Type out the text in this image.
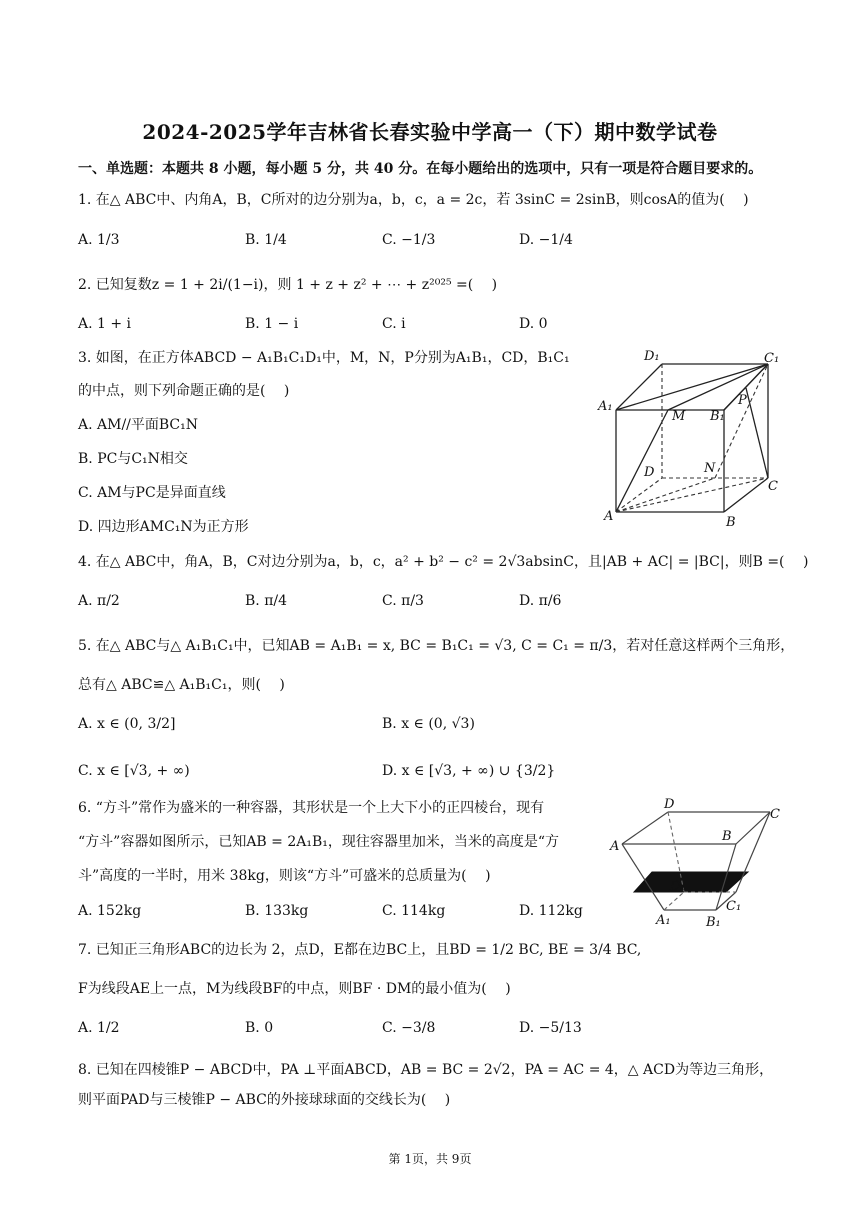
2024-2025学年吉林省长春实验中学高一（下）期中数学试卷
一、单选题：本题共 8 小题，每小题 5 分，共 40 分。在每小题给出的选项中，只有一项是符合题目要求的。
1. 在△ ABC中、内角A，B，C所对的边分别为a，b，c，a = 2c，若 3sinC = 2sinB，则cosA的值为(　 )
A. 1/3	B. 1/4	C. −1/3	D. −1/4
2. 已知复数z = 1 + 2i/(1−i)，则 1 + z + z² + ⋯ + z²⁰²⁵ =(　 )
A. 1 + i	B. 1 − i	C. i	D. 0
3. 如图，在正方体ABCD − A₁B₁C₁D₁中，M，N，P分别为A₁B₁，CD，B₁C₁
的中点，则下列命题正确的是(　 )
A. AM//平面BC₁N
B. PC与C₁N相交
C. AM与PC是异面直线
D. 四边形AMC₁N为正方形
D₁	C₁
A₁
M B₁
P
D	N
C
A	B
4. 在△ ABC中，角A，B，C对边分别为a，b，c，a² + b² − c² = 2√3absinC，且|AB + AC| = |BC|，则B =(　 )
A. π/2	B. π/4	C. π/3	D. π/6
5. 在△ ABC与△ A₁B₁C₁中，已知AB = A₁B₁ = x, BC = B₁C₁ = √3, C = C₁ = π/3，若对任意这样两个三角形，
总有△ ABC≌△ A₁B₁C₁，则(　 )
A. x ∈ (0, 3/2]	B. x ∈ (0, √3)
C. x ∈ [√3, + ∞)	D. x ∈ [√3, + ∞) ∪ {3/2}
6. “方斗”常作为盛米的一种容器，其形状是一个上大下小的正四棱台，现有
“方斗”容器如图所示，已知AB = 2A₁B₁，现往容器里加米，当米的高度是“方
斗”高度的一半时，用米 38kg，则该“方斗”可盛米的总质量为(　 )
A. 152kg	B. 133kg	C. 114kg	D. 112kg
D
C
A
B
D₁
C₁
A₁	B₁
7. 已知正三角形ABC的边长为 2，点D，E都在边BC上，且BD = 1/2 BC, BE = 3/4 BC,
F为线段AE上一点，M为线段BF的中点，则BF · DM的最小值为(　 )
A. 1/2	B. 0	C. −3/8	D. −5/13
8. 已知在四棱锥P − ABCD中，PA ⊥平面ABCD，AB = BC = 2√2，PA = AC = 4，△ ACD为等边三角形，
则平面PAD与三棱锥P − ABC的外接球球面的交线长为(　 )
第 1页，共 9页
